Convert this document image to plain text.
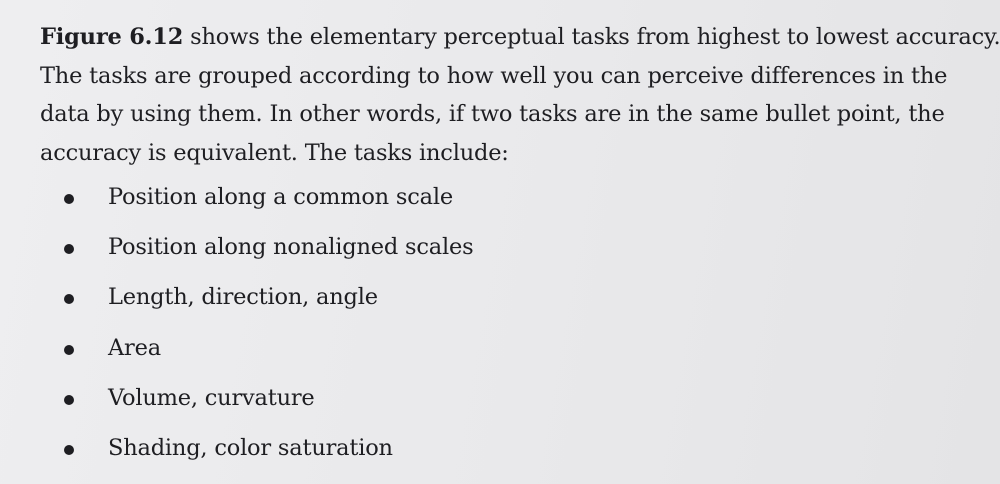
Figure 6.12 shows the elementary perceptual tasks from highest to lowest accuracy.
The tasks are grouped according to how well you can perceive differences in the
data by using them. In other words, if two tasks are in the same bullet point, the
accuracy is equivalent. The tasks include:

Position along a common scale
Position along nonaligned scales
Length, direction, angle
Area
Volume, curvature
Shading, color saturation
